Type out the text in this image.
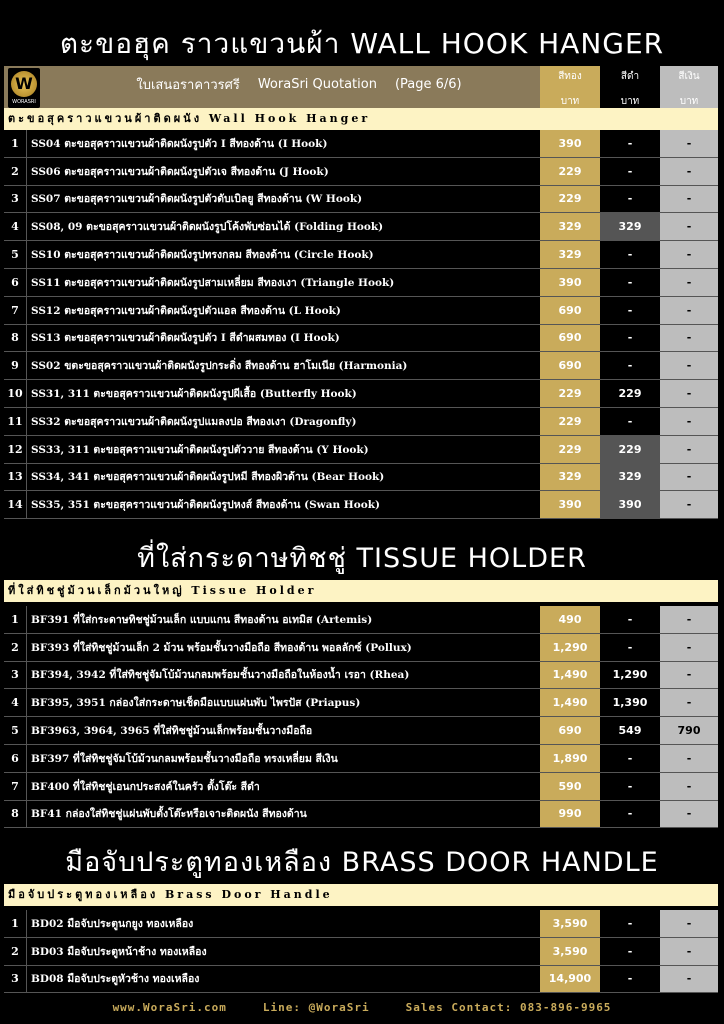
ตะขอฮุค ราวแขวนผ้า WALL HOOK HANGER
W
WORASRI
ใบเสนอราคาวรศรี WoraSri Quotation (Page 6/6)	สีทอง
บาท
สีดำ
บาท
สีเงิน
บาท
ตะขอสุคราวแขวนผ้าติดผนัง Wall Hook Hanger
1	SS04 ตะขอสุคราวแขวนผ้าติดผนังรูปตัว I สีทองด้าน (I Hook)	390	-	-
2	SS06 ตะขอสุคราวแขวนผ้าติดผนังรูปตัวเจ สีทองด้าน (J Hook)	229	-	-
3	SS07 ตะขอสุคราวแขวนผ้าติดผนังรูปตัวดับเบิลยู สีทองด้าน (W Hook)	229	-	-
4	SS08, 09 ตะขอสุคราวแขวนผ้าติดผนังรูปโค้งพับซ่อนได้ (Folding Hook)	329	329	-
5	SS10 ตะขอสุคราวแขวนผ้าติดผนังรูปทรงกลม สีทองด้าน (Circle Hook)	329	-	-
6	SS11 ตะขอสุคราวแขวนผ้าติดผนังรูปสามเหลี่ยม สีทองเงา (Triangle Hook)	390	-	-
7	SS12 ตะขอสุคราวแขวนผ้าติดผนังรูปตัวแอล สีทองด้าน (L Hook)	690	-	-
8	SS13 ตะขอสุคราวแขวนผ้าติดผนังรูปตัว I สีดำผสมทอง (I Hook)	690	-	-
9	SS02 ขตะขอสุคราวแขวนผ้าติดผนังรูปกระดิ่ง สีทองด้าน ฮาโมเนีย (Harmonia)	690	-	-
10 SS31, 311 ตะขอสุคราวแขวนผ้าติดผนังรูปผีเสื้อ (Butterfly Hook)	229	229	-
11 SS32 ตะขอสุคราวแขวนผ้าติดผนังรูปแมลงปอ สีทองเงา (Dragonfly)	229	-	-
12 SS33, 311 ตะขอสุคราวแขวนผ้าติดผนังรูปตัววาย สีทองด้าน (Y Hook)	229	229	-
13 SS34, 341 ตะขอสุคราวแขวนผ้าติดผนังรูปหมี สีทองผิวด้าน (Bear Hook)	329	329	-
14 SS35, 351 ตะขอสุคราวแขวนผ้าติดผนังรูปหงส์ สีทองด้าน (Swan Hook)	390	390	-
ที่ใส่กระดาษทิชชู่ TISSUE HOLDER
ที่ใส่ทิชชู่ม้วนเล็กม้วนใหญ่ Tissue Holder
1	BF391 ที่ใส่กระดาษทิชชู่ม้วนเล็ก แบบแกน สีทองด้าน อเทมิส (Artemis)	490	-	-
2	BF393 ที่ใส่ทิชชู่ม้วนเล็ก 2 ม้วน พร้อมชั้นวางมือถือ สีทองด้าน พอลลักซ์ (Pollux)	1,290	-	-
3	BF394, 3942 ที่ใส่ทิชชู่จัมโบ้ม้วนกลมพร้อมชั้นวางมือถือในห้องน้ำ เรอา (Rhea)	1,490	1,290	-
4	BF395, 3951 กล่องใส่กระดาษเช็ดมือแบบแผ่นพับ ไพรปัส (Priapus)	1,490	1,390	-
5	BF3963, 3964, 3965 ที่ใส่ทิชชู่ม้วนเล็กพร้อมชั้นวางมือถือ	690	549	790
6	BF397 ที่ใส่ทิชชู่จัมโบ้ม้วนกลมพร้อมชั้นวางมือถือ ทรงเหลี่ยม สีเงิน	1,890	-	-
7	BF400 ที่ใส่ทิชชู่เอนกประสงค์ในครัว ตั้งโต๊ะ สีดำ	590	-	-
8	BF41 กล่องใส่ทิชชู่แผ่นพับตั้งโต๊ะหรือเจาะติดผนัง สีทองด้าน	990	-	-
มือจับประตูทองเหลือง BRASS DOOR HANDLE
มือจับประตูทองเหลือง Brass Door Handle
1	BD02 มือจับประตูนกยูง ทองเหลือง	3,590	-	-
2	BD03 มือจับประตูหน้าช้าง ทองเหลือง	3,590	-	-
3	BD08 มือจับประตูหัวช้าง ทองเหลือง	14,900	-	-
www.WoraSri.com	Line: @WoraSri	Sales Contact: 083-896-9965
